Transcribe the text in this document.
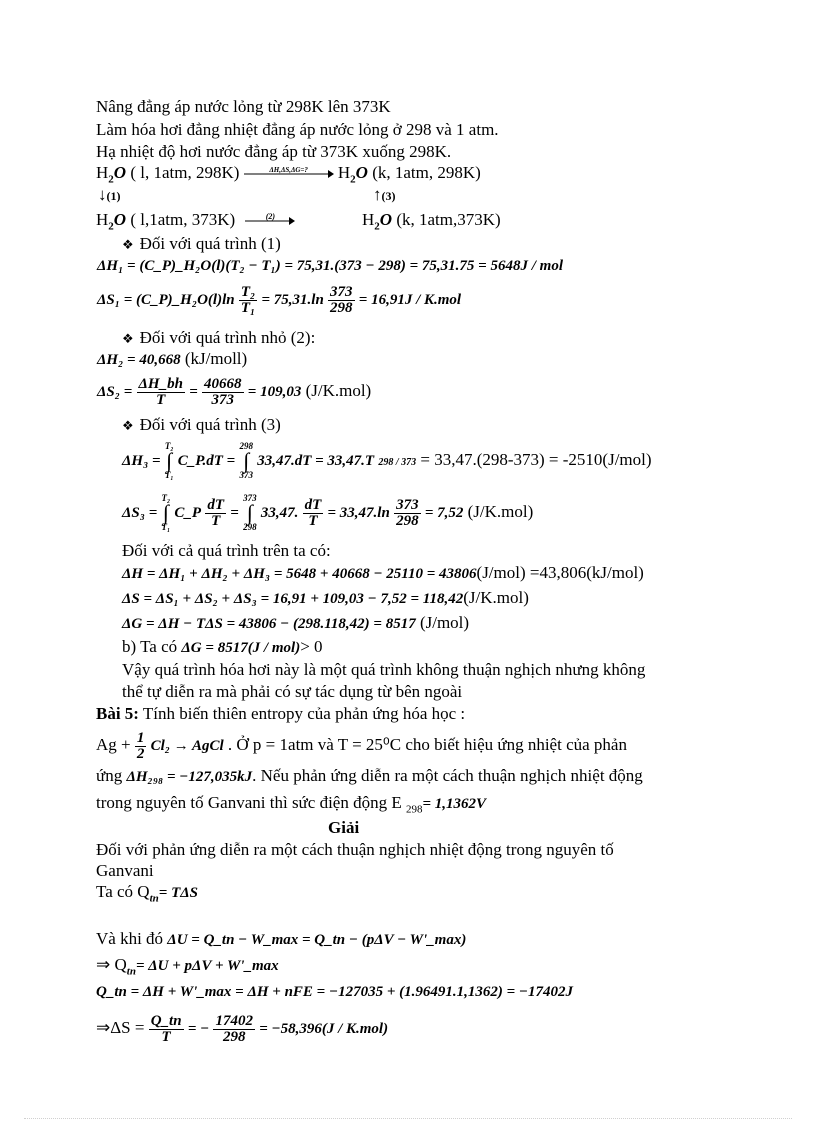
Nâng đẳng áp nước lỏng từ 298K lên 373K
Làm hóa hơi đẳng nhiệt đẳng áp nước lỏng ở 298 và 1 atm.
Hạ nhiệt độ hơi nước đẳng áp từ 373K xuống 298K.
$H_2O$ ( l, 1atm, 298K)	ΔH,ΔS,ΔG=?	$H_2O$ (k, 1atm, 298K)
↓(1)	↑(3)
$H_2O$ ( l,1atm, 373K)	(2)	$H_2O$ (k, 1atm,373K)
❖ Đối với quá trình (1)
ΔH₁ = (C_P)_H₂O(l)(T₂ − T₁) = 75,31.(373 − 298) = 75,31.75 = 5648J / mol
ΔS₁ = (C_P)_H₂O(l)ln $\frac{\text{T₂}}{\text{T₁}} = 75,31.\ln \frac{373}{298} = 16,91J / K.mol$
❖ Đối với quá trình nhỏ (2):
ΔH₂ = 40,668 (kJ/moll)
$\Delta S_2 = \frac{\Delta H\_bh}{T} = \frac{40668}{373} = 109,03$ (J/K.mol)
❖ Đối với quá trình (3)
ΔH₃ =
T₂
∫
T₁
C_P.dT =
298
∫
373
33,47.dT = 33,47.T 298 / 373 = 33,47.(298-373) = -2510(J/mol)
ΔS₃ =
T₂
∫
T₁
C_P $\frac{dT}{T}$ =
373
∫
298
33,47. $\frac{dT}{T} = 33,47.\ln \frac{373}{298} = 7,52$ (J/K.mol)
Đối với cả quá trình trên ta có:
ΔH = ΔH₁ + ΔH₂ + ΔH₃ = 5648 + 40668 − 25110 = 43806(J/mol) =43,806(kJ/mol)
ΔS = ΔS₁ + ΔS₂ + ΔS₃ = 16,91 + 109,03 − 7,52 = 118,42(J/K.mol)
ΔG = ΔH − TΔS = 43806 − (298.118,42) = 8517 (J/mol)
b) Ta có ΔG = 8517(J / mol)> 0
Vậy quá trình hóa hơi này là một quá trình không thuận nghịch nhưng không
thể tự diễn ra mà phải có sự tác dụng từ bên ngoài
Bài 5: Tính biến thiên entropy của phản ứng hóa học :
$Ag + \frac{1}{2} Cl_2$ → AgCl . Ở p = 1atm và T = 25⁰C cho biết hiệu ứng nhiệt của phản
ứng ΔH₂₉₈ = −127,035kJ. Nếu phản ứng diễn ra một cách thuận nghịch nhiệt động
trong nguyên tố Ganvani thì sức điện động E $_{298}$= 1,1362V
Giải
Đối với phản ứng diễn ra một cách thuận nghịch nhiệt động trong nguyên tố
Ganvani
Ta có $Q_{tn}= T\Delta S$
Và khi đó ΔU = Q_tn − W_max = Q_tn − (pΔV − W'_max)
⇒ $Q_{tn}= \Delta U + p\Delta V$ + W'_max
Q_tn = ΔH + W'_max = ΔH + nFE = −127035 + (1.96491.1,1362) = −17402J
⇒ΔS = $\frac{Q\_tn}{T}$ = − $\frac{17402}{298} = -58,396(J / K.mol)$
